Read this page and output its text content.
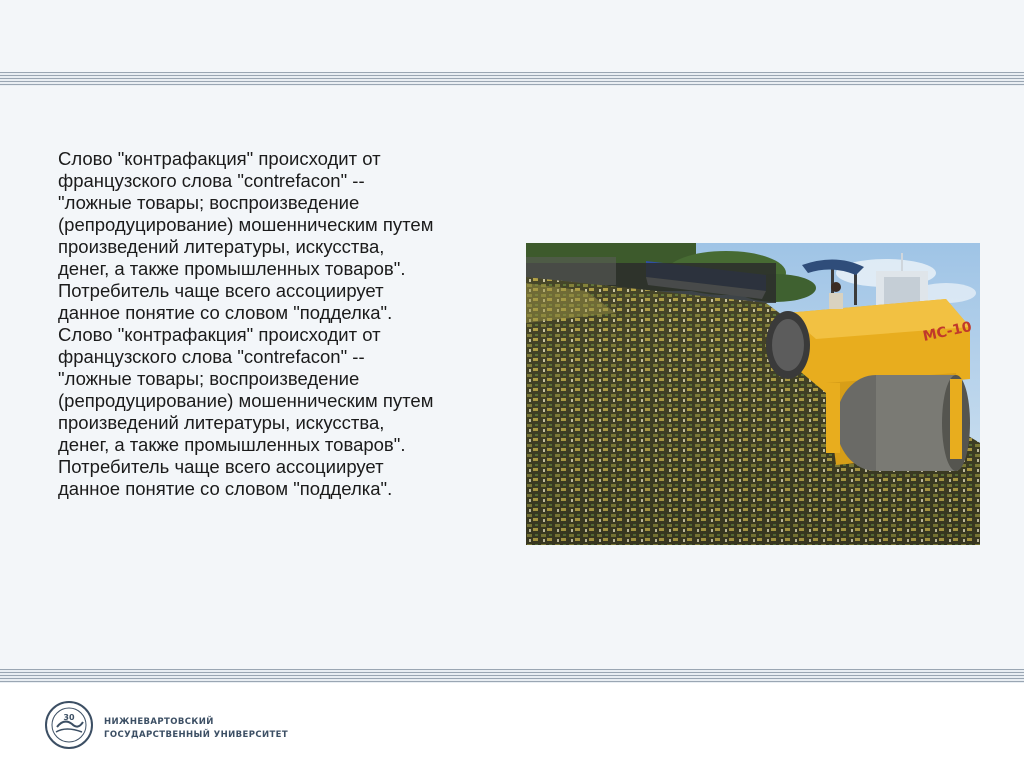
Слово "контрафакция" происходит от
французского слова "contrefacon" --
"ложные товары; воспроизведение
(репродуцирование) мошенническим путем
произведений литературы, искусства,
денег, а также промышленных товаров".
Потребитель чаще всего ассоциирует
данное понятие со словом "подделка".
Слово "контрафакция" происходит от
французского слова "contrefacon" --
"ложные товары; воспроизведение
(репродуцирование) мошенническим путем
произведений литературы, искусства,
денег, а также промышленных товаров".
Потребитель чаще всего ассоциирует
данное понятие со словом "подделка".
МС-10
30	НИЖНЕВАРТОВСКИЙ
ГОСУДАРСТВЕННЫЙ УНИВЕРСИТЕТ
